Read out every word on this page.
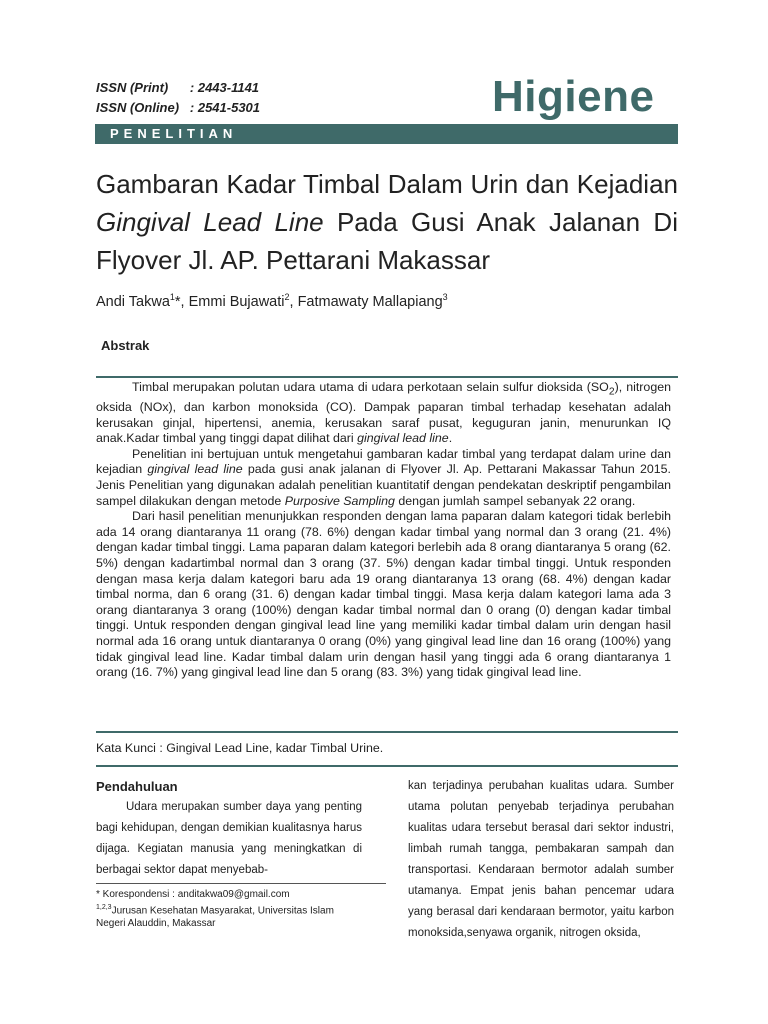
ISSN (Print)      : 2443-1141
ISSN (Online)   : 2541-5301	Higiene
PENELITIAN
Gambaran Kadar Timbal Dalam Urin dan Kejadian Gingival Lead Line Pada Gusi Anak Jalanan Di Flyover Jl. AP. Pettarani Makassar
Andi Takwa$^1$*, Emmi Bujawati$^2$, Fatmawaty Mallapiang$^3$
Abstrak

Timbal merupakan polutan udara utama di udara perkotaan selain sulfur dioksida $(SO_2)$, nitrogen oksida (NOx), dan karbon monoksida (CO). Dampak paparan timbal terhadap kesehatan adalah kerusakan ginjal, hipertensi, anemia, kerusakan saraf pusat, keguguran janin, menurunkan IQ anak.Kadar timbal yang tinggi dapat dilihat dari gingival lead line.

Penelitian ini bertujuan untuk mengetahui gambaran kadar timbal yang terdapat dalam urine dan kejadian gingival lead line pada gusi anak jalanan di Flyover Jl. Ap. Pettarani Makassar Tahun 2015. Jenis Penelitian yang digunakan adalah penelitian kuantitatif dengan pendekatan deskriptif pengambilan sampel dilakukan dengan metode Purposive Sampling dengan jumlah sampel sebanyak 22 orang.

Dari hasil penelitian menunjukkan responden dengan lama paparan dalam kategori tidak berlebih ada 14 orang diantaranya 11 orang (78. 6%) dengan kadar timbal yang normal dan 3 orang (21. 4%) dengan kadar timbal tinggi. Lama paparan dalam kategori berlebih ada 8 orang diantaranya 5 orang (62. 5%) dengan kadartimbal normal dan 3 orang (37. 5%) dengan kadar timbal tinggi. Untuk responden dengan masa kerja dalam kategori baru ada 19 orang diantaranya 13 orang (68. 4%) dengan kadar timbal norma, dan 6 orang (31. 6) dengan kadar timbal tinggi. Masa kerja dalam kategori lama ada 3 orang diantaranya 3 orang (100%) dengan kadar timbal normal dan 0 orang (0) dengan kadar timbal tinggi. Untuk responden dengan gingival lead line yang memiliki kadar timbal dalam urin dengan hasil normal ada 16 orang untuk diantaranya 0 orang (0%) yang gingival lead line dan 16 orang (100%) yang tidak gingival lead line. Kadar timbal dalam urin dengan hasil yang tinggi ada 6 orang diantaranya 1 orang (16. 7%) yang gingival lead line dan 5 orang (83. 3%) yang tidak gingival lead line.

Kata Kunci : Gingival Lead Line, kadar Timbal Urine.
Pendahuluan

Udara merupakan sumber daya yang penting bagi kehidupan, dengan demikian kualitasnya harus dijaga. Kegiatan manusia yang meningkatkan di berbagai sektor dapat menyebab-

kan terjadinya perubahan kualitas udara. Sumber utama polutan penyebab terjadinya perubahan kualitas udara tersebut berasal dari sektor industri, limbah rumah tangga, pembakaran sampah dan transportasi. Kendaraan bermotor adalah sumber utamanya. Empat jenis bahan pencemar udara yang berasal dari kendaraan bermotor, yaitu karbon monoksida,senyawa organik, nitrogen oksida,

* Korespondensi : anditakwa09@gmail.com

$^{1,2,3}$Jurusan Kesehatan Masyarakat, Universitas Islam Negeri Alauddin, Makassar
